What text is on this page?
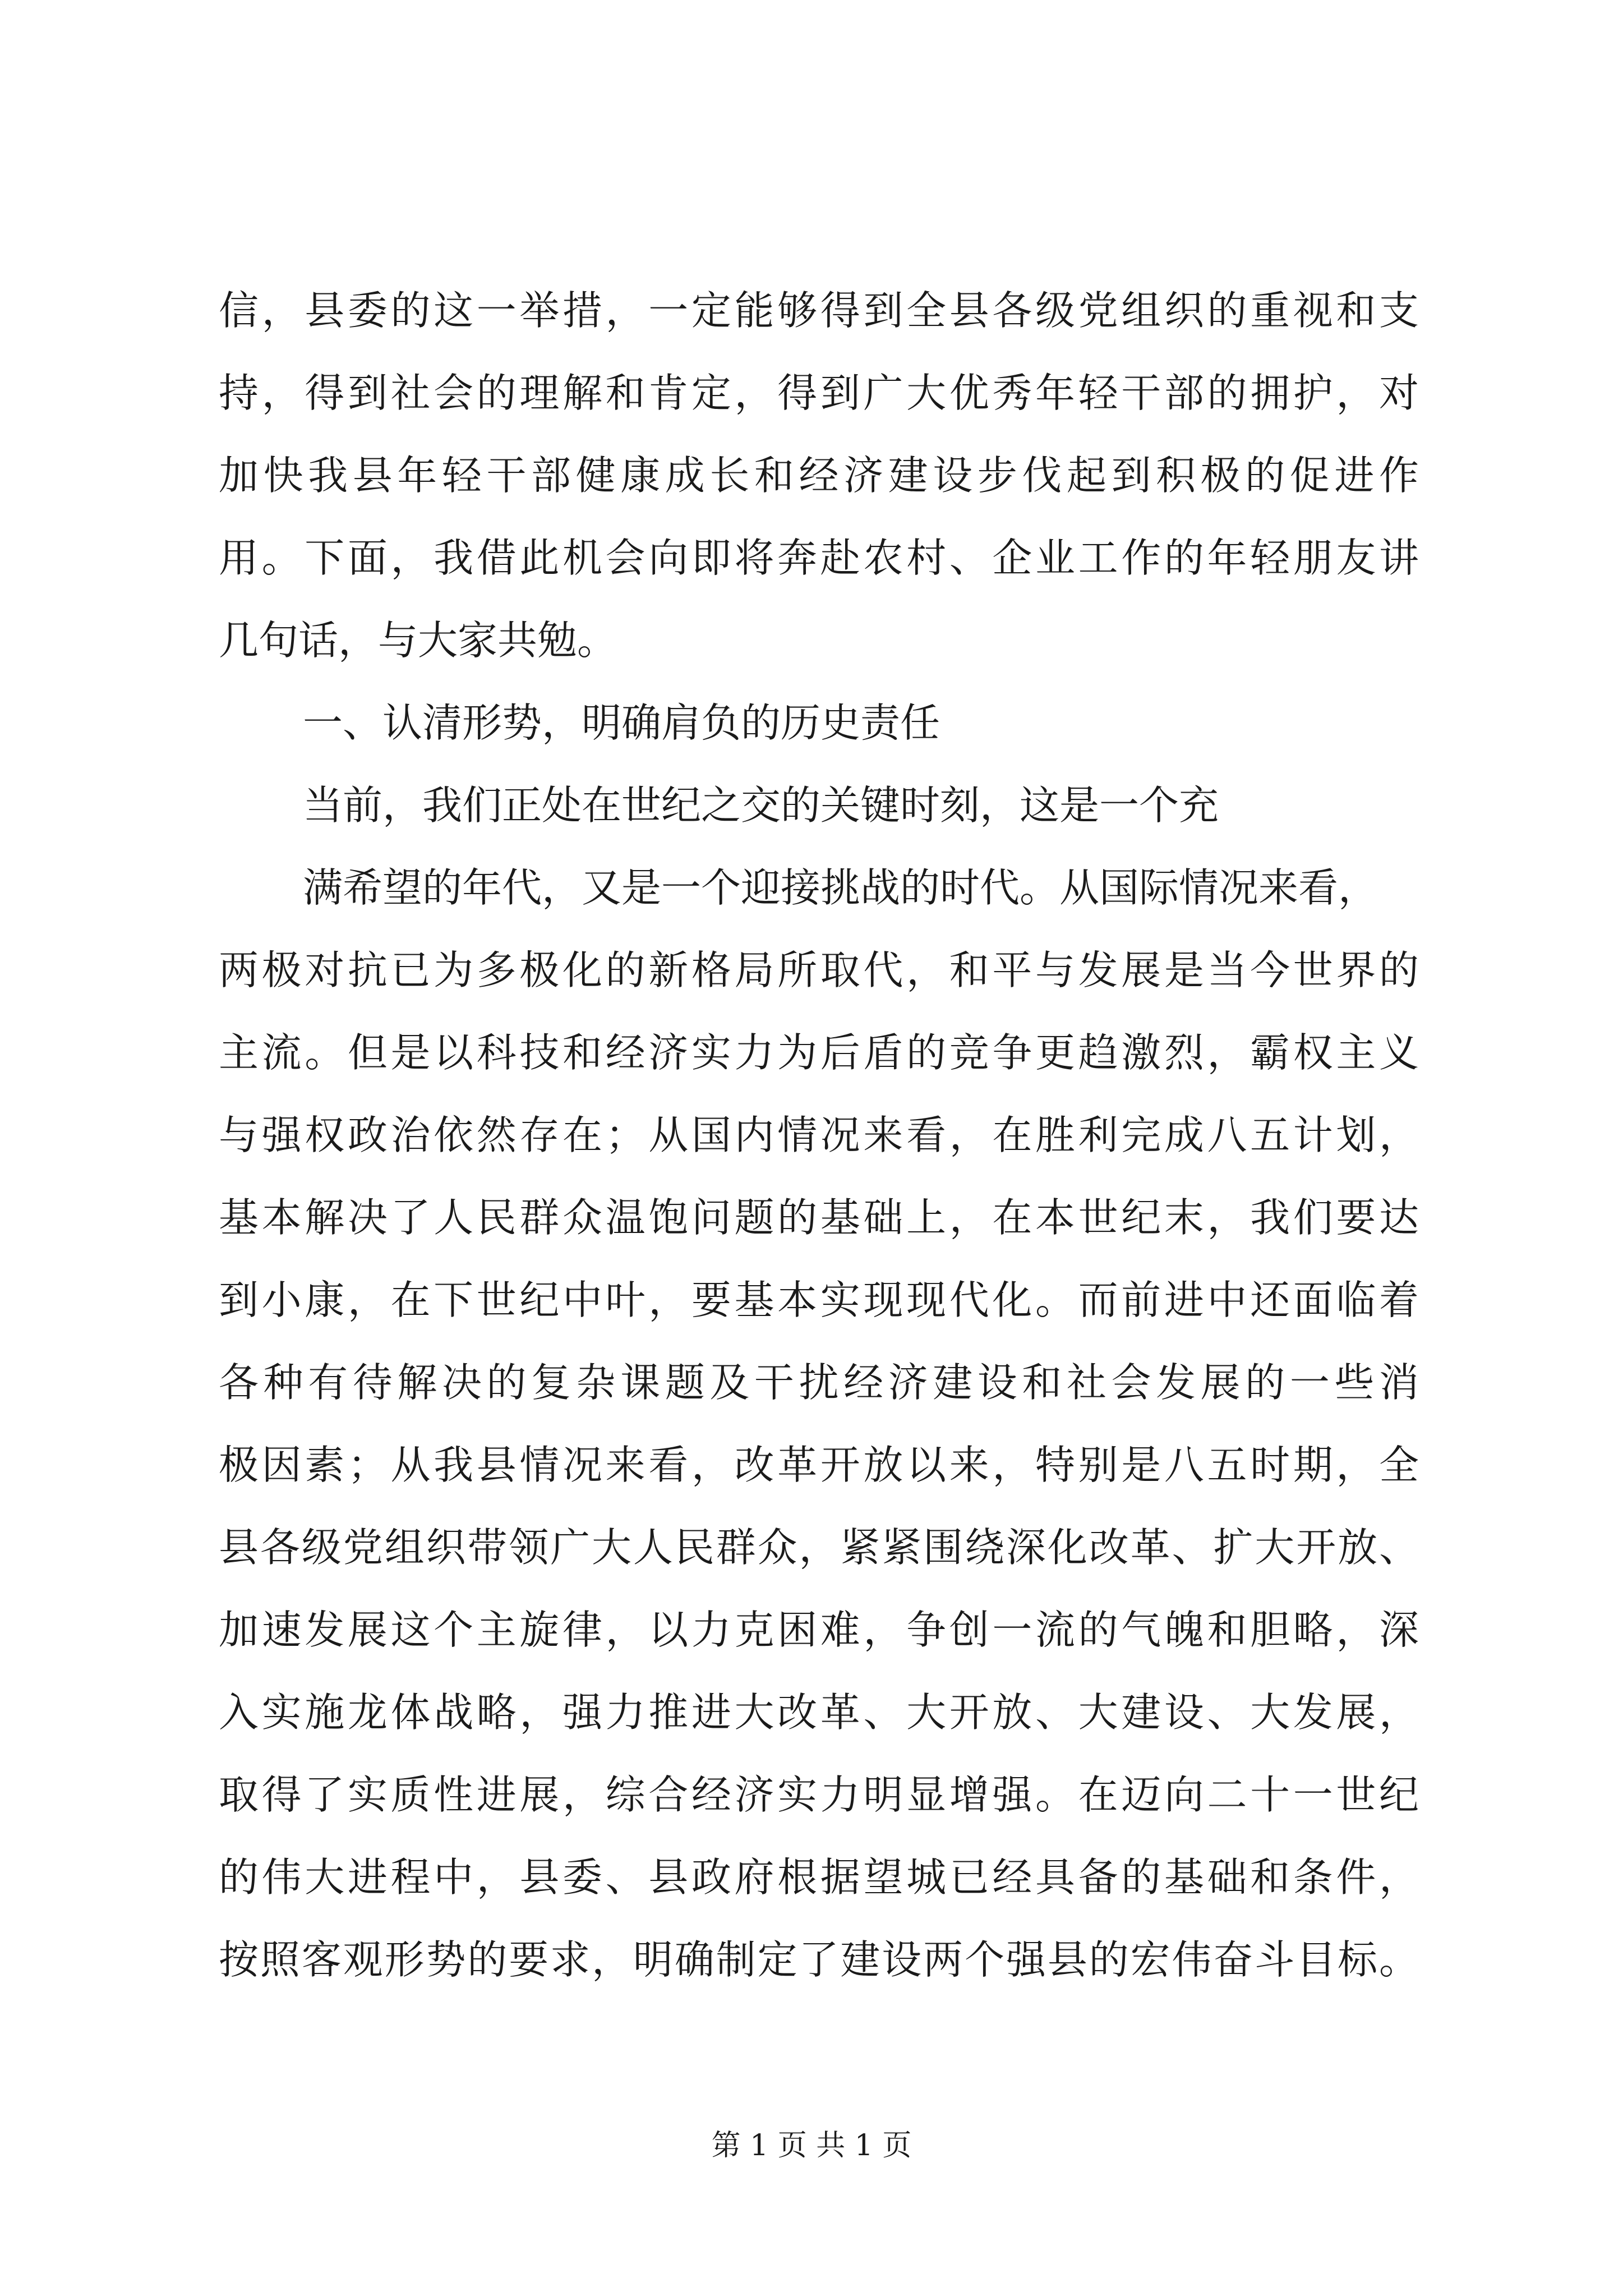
信，县委的这一举措，一定能够得到全县各级党组织的重视和支
持，得到社会的理解和肯定，得到广大优秀年轻干部的拥护，对
加快我县年轻干部健康成长和经济建设步伐起到积极的促进作
用。下面，我借此机会向即将奔赴农村、企业工作的年轻朋友讲
几句话，与大家共勉。
一、认清形势，明确肩负的历史责任
当前，我们正处在世纪之交的关键时刻，这是一个充
满希望的年代，又是一个迎接挑战的时代。从国际情况来看，
两极对抗已为多极化的新格局所取代，和平与发展是当今世界的
主流。但是以科技和经济实力为后盾的竞争更趋激烈，霸权主义
与强权政治依然存在；从国内情况来看，在胜利完成八五计划，
基本解决了人民群众温饱问题的基础上，在本世纪末，我们要达
到小康，在下世纪中叶，要基本实现现代化。而前进中还面临着
各种有待解决的复杂课题及干扰经济建设和社会发展的一些消
极因素；从我县情况来看，改革开放以来，特别是八五时期，全
县各级党组织带领广大人民群众，紧紧围绕深化改革、扩大开放、
加速发展这个主旋律，以力克困难，争创一流的气魄和胆略，深
入实施龙体战略，强力推进大改革、大开放、大建设、大发展，
取得了实质性进展，综合经济实力明显增强。在迈向二十一世纪
的伟大进程中，县委、县政府根据望城已经具备的基础和条件，
按照客观形势的要求，明确制定了建设两个强县的宏伟奋斗目标。
第 1 页 共 1 页
